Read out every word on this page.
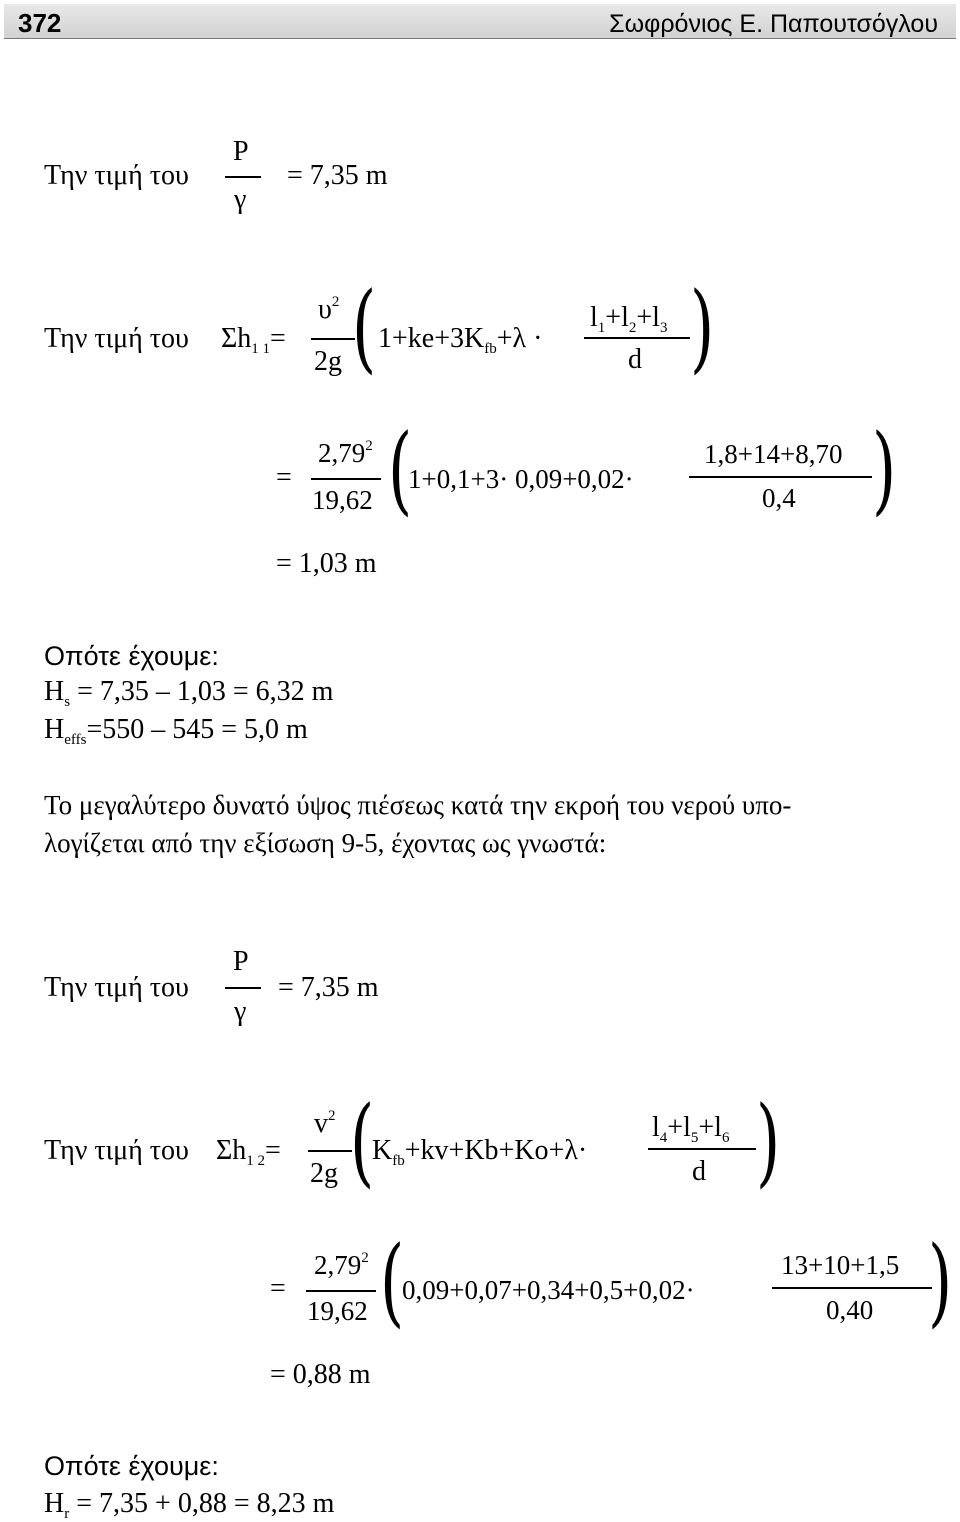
372	Σωφρόνιος Ε. Παπουτσόγλου
Την τιμή του
P
γ
= 7,35 m
Την τιμή του $\Sigma h_{1 1}=$
$\upsilon^2$
2g ( $1+ke+3K_{fb}+\lambda$ ·
$l_1+l_2+l_3$
d )
=
$2,79^2$
19,62 (
1+0,1+3· 0,09+0,02·
1,8+14+8,70
0,4 )
= 1,03 m
Οπότε έχουμε:
$H_s = 7,35 - 1,03 = 6,32$ m
$H_{effs}=550 - 545 = 5,0$ m
Το μεγαλύτερο δυνατό ύψος πιέσεως κατά την εκροή του νερού υπο-
λογίζεται από την εξίσωση 9-5, έχοντας ως γνωστά:
Την τιμή του
P
γ
= 7,35 m
Την τιμή του $\Sigma h_{1 2}=$
$v^2$
2g (
$K_{fb}+kv+Kb+Ko+\lambda\cdot$
$l_4+l_5+l_6$
d )
=
$2,79^2$
19,62 (
0,09+0,07+0,34+0,5+0,02·
13+10+1,5
0,40 )
= 0,88 m
Οπότε έχουμε:
$H_r = 7,35 + 0,88 = 8,23$ m
